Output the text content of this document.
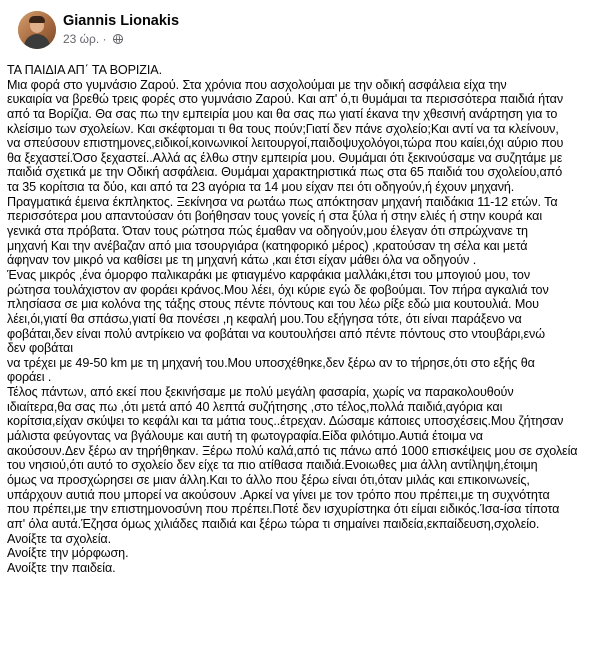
Giannis Lionakis
23 ώρ. ·
ΤΑ ΠΑΙΔΙΑ ΑΠ΄ ΤΑ ΒΟΡΙΖΙΑ.
Μια φορά στο γυμνάσιο Ζαρού. Στα χρόνια που ασχολούμαι με την οδική ασφάλεια είχα την
ευκαιρία να βρεθώ τρεις φορές στο γυμνάσιο Ζαρού. Και απ' ό,τι θυμάμαι τα περισσότερα παιδιά ήταν
από τα Βορίζια. Θα σας πω την εμπειρία μου και θα σας πω γιατί έκανα την χθεσινή ανάρτηση για το
κλείσιμο των σχολείων. Και σκέφτομαι τι θα τους πούν;Γιατί δεν πάνε σχολείο;Και αντί να τα κλείνουν,
να σπεύσουν επιστημονες,ειδικοί,κοινωνικοί λειτουργοί,παιδοψυχολόγοι,τώρα που καίει,όχι αύριο που
θα ξεχαστεί.Όσο ξεχαστεί..Αλλά ας έλθω στην εμπειρία μου. Θυμάμαι ότι ξεκινούσαμε να συζητάμε με
παιδιά σχετικά με την Οδική ασφάλεια. Θυμάμαι χαρακτηριστικά πως στα 65 παιδιά του σχολείου,από
τα 35 κορίτσια τα δύο, και από τα 23 αγόρια τα 14 μου είχαν πει ότι οδηγούν,ή έχουν μηχανή.
Πραγματικά έμεινα έκπληκτος. Ξεκίνησα να ρωτάω πως απόκτησαν μηχανή παιδάκια 11-12 ετών. Τα
περισσότερα μου απαντούσαν ότι βοήθησαν τους γονείς ή στα ξύλα ή στην ελιές ή στην κουρά και
γενικά στα πρόβατα. Όταν τους ρώτησα πώς έμαθαν να οδηγούν,μου έλεγαν ότι σπρώχνανε τη
μηχανή Και την ανέβαζαν από μια τσουργιάρα (κατηφορικό μέρος) ,κρατούσαν τη σέλα και μετά
άφηναν τον μικρό να καθίσει με τη μηχανή κάτω ,και έτσι είχαν μάθει όλα να οδηγούν .
Ένας μικρός ,ένα όμορφο παλικαράκι με φτιαγμένο καρφάκια μαλλάκι,έτσι του μπογιού μου, τον
ρώτησα τουλάχιστον αν φοράει κράνος.Μου λέει, όχι κύριε εγώ δε φοβούμαι. Τον πήρα αγκαλιά τον
πλησίασα σε μια κολόνα της τάξης στους πέντε πόντους και του λέω ρίξε εδώ μια κουτουλιά. Μου
λέει,όι,γιατί θα σπάσω,γιατί θα πονέσει ,η κεφαλή μου.Του εξήγησα τότε, ότι είναι παράξενο να
φοβάται,δεν είναι πολύ αντρίκειο να φοβάται να κουτουλήσει από πέντε πόντους στο ντουβάρι,ενώ
δεν φοβάται
να τρέχει με 49-50 km με τη μηχανή του.Μου υποσχέθηκε,δεν ξέρω αν το τήρησε,ότι στο εξής θα
φοράει .
Τέλος πάντων, από εκεί που ξεκινήσαμε με πολύ μεγάλη φασαρία, χωρίς να παρακολουθούν
ιδιαίτερα,θα σας πω ,ότι μετά από 40 λεπτά συζήτησης ,στο τέλος,πολλά παιδιά,αγόρια και
κορίτσια,είχαν σκύψει το κεφάλι και τα μάτια τους..έτρεχαν. Δώσαμε κάποιες υποσχέσεις.Μου ζήτησαν
μάλιστα φεύγοντας να βγάλουμε και αυτή τη φωτογραφία.Είδα φιλότιμο.Αυτιά έτοιμα να
ακούσουν.Δεν ξέρω αν τηρήθηκαν. Ξέρω πολύ καλά,από τις πάνω από 1000 επισκέψεις μου σε σχολεία
του νησιού,ότι αυτό το σχολείο δεν είχε τα πιο ατίθασα παιδιά.Ενοιωθες μια άλλη αντίληψη,έτοιμη
όμως να προσχώρησει σε μιαν άλλη.Και το άλλο που ξέρω είναι ότι,όταν μιλάς και επικοινωνείς,
υπάρχουν αυτιά που μπορεί να ακούσουν .Αρκεί να γίνει με τον τρόπο που πρέπει,με τη συχνότητα
που πρέπει,με την επιστημονοσύνη που πρέπει.Ποτέ δεν ισχυρίστηκα ότι είμαι ειδικός.Ίσα-ίσα τίποτα
απ' όλα αυτά.Έζησα όμως χιλιάδες παιδιά και ξέρω τώρα τι σημαίνει παιδεία,εκπαίδευση,σχολείο.
Ανοίξτε τα σχολεία.
Ανοίξτε την μόρφωση.
Ανοίξτε την παιδεία.
